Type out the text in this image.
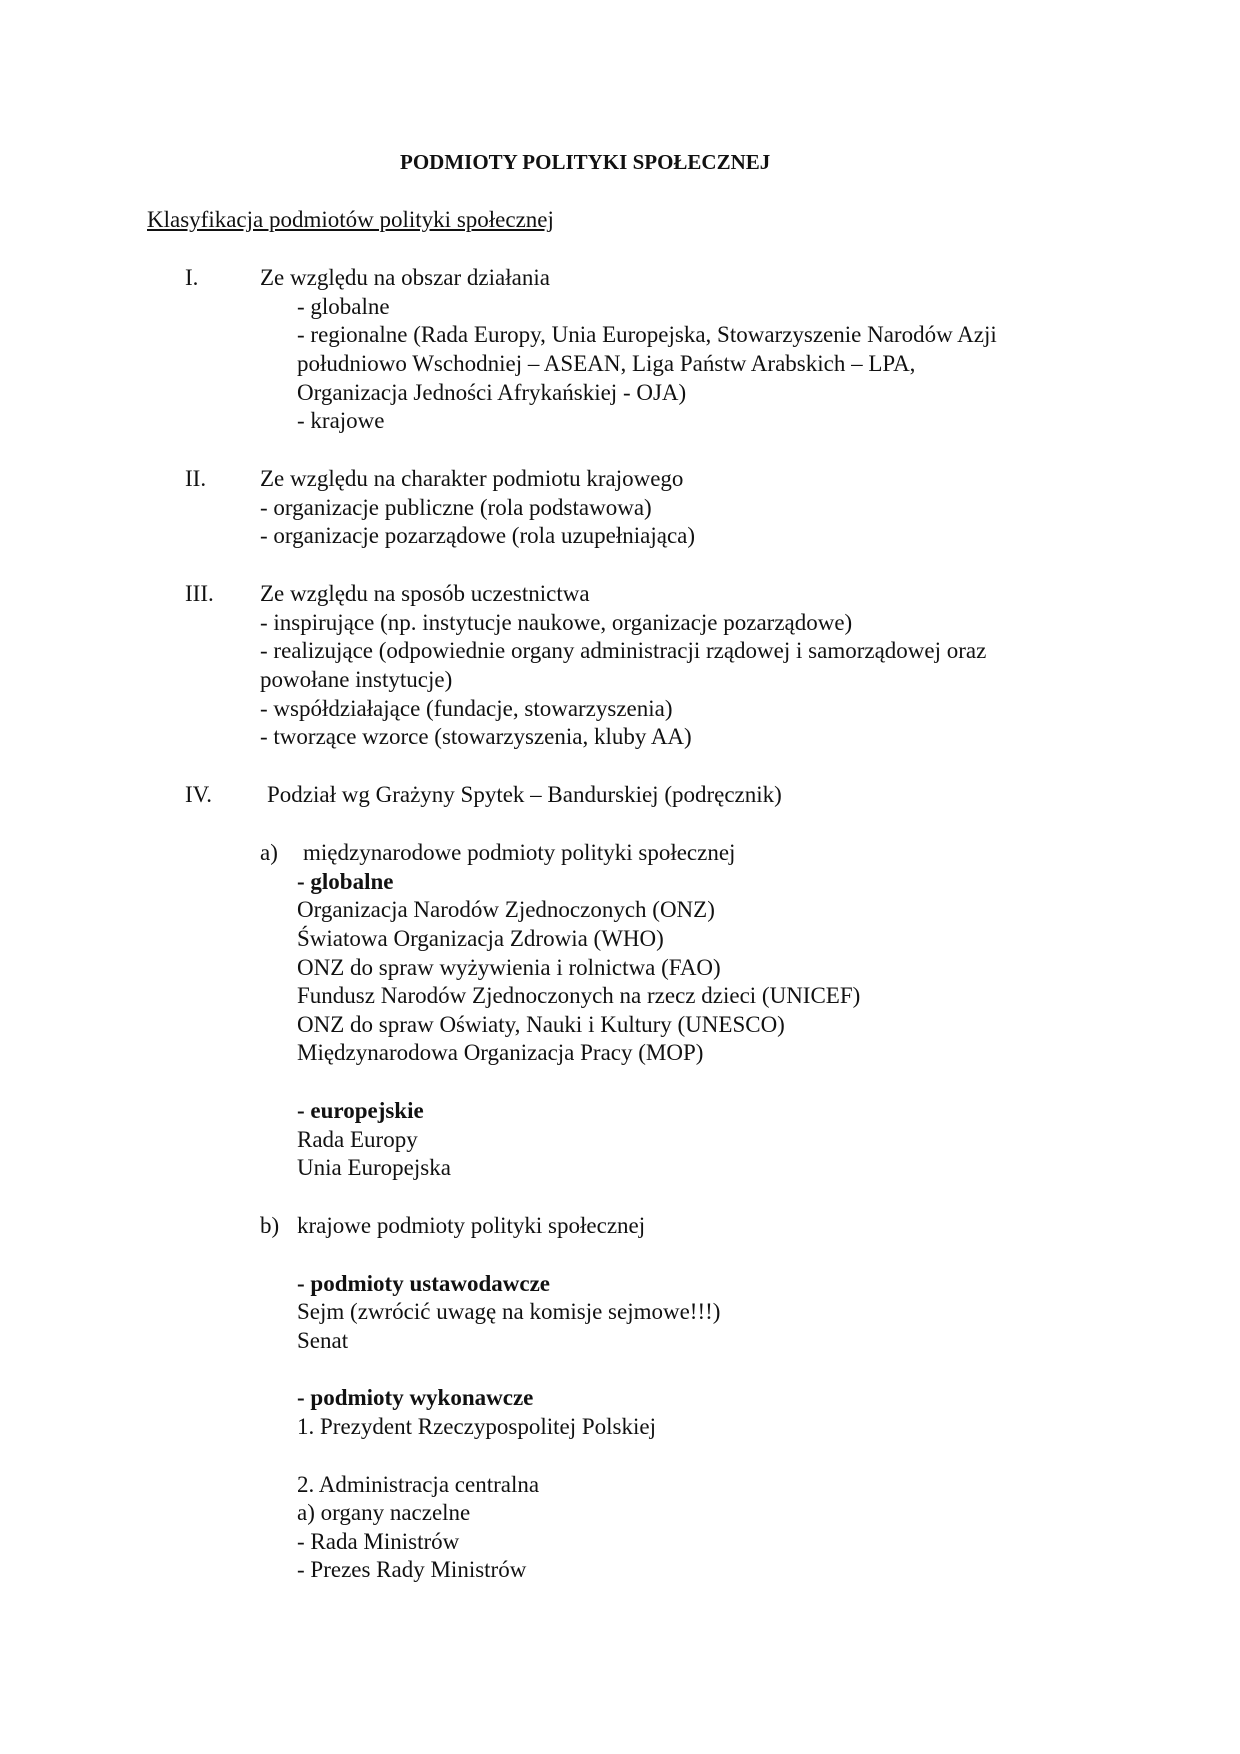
PODMIOTY POLITYKI SPOŁECZNEJ
Klasyfikacja podmiotów polityki społecznej
I.	Ze względu na obszar działania
- globalne
- regionalne (Rada Europy, Unia Europejska, Stowarzyszenie Narodów Azji
południowo Wschodniej – ASEAN, Liga Państw Arabskich – LPA,
Organizacja Jedności Afrykańskiej - OJA)
- krajowe
II. Ze względu na charakter podmiotu krajowego
- organizacje publiczne (rola podstawowa)
- organizacje pozarządowe (rola uzupełniająca)
III. Ze względu na sposób uczestnictwa
- inspirujące (np. instytucje naukowe, organizacje pozarządowe)
- realizujące (odpowiednie organy administracji rządowej i samorządowej oraz
powołane instytucje)
- współdziałające (fundacje, stowarzyszenia)
- tworzące wzorce (stowarzyszenia, kluby AA)
IV. Podział wg Grażyny Spytek – Bandurskiej (podręcznik)
a) międzynarodowe podmioty polityki społecznej
- globalne
Organizacja Narodów Zjednoczonych (ONZ)
Światowa Organizacja Zdrowia (WHO)
ONZ do spraw wyżywienia i rolnictwa (FAO)
Fundusz Narodów Zjednoczonych na rzecz dzieci (UNICEF)
ONZ do spraw Oświaty, Nauki i Kultury (UNESCO)
Międzynarodowa Organizacja Pracy (MOP)
- europejskie
Rada Europy
Unia Europejska
b) krajowe podmioty polityki społecznej
- podmioty ustawodawcze
Sejm (zwrócić uwagę na komisje sejmowe!!!)
Senat
- podmioty wykonawcze
1. Prezydent Rzeczypospolitej Polskiej
2. Administracja centralna
a) organy naczelne
- Rada Ministrów
- Prezes Rady Ministrów
